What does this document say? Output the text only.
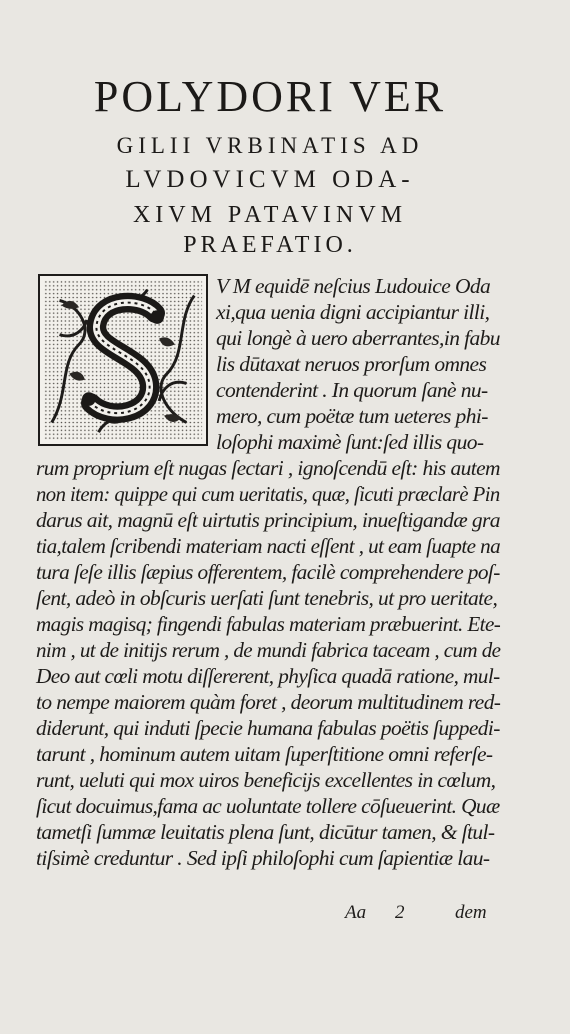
POLYDORI VER
GILII VRBINATIS AD
LVDOVICVM ODA-
XIVM PATAVINVM
PRAEFATIO.
V M equidē neſcius Ludouice Oda
xi,qua uenia digni accipiantur illi,
qui longè à uero aberrantes,in fabu
lis dūtaxat neruos prorſum omnes
contenderint . In quorum ſanè nu-
mero, cum poëtæ tum ueteres phi-
loſophi maximè ſunt:ſed illis quo-
rum proprium eſt nugas ſectari , ignoſcendū eſt: his autem
non item: quippe qui cum ueritatis, quæ, ſicuti præclarè Pin
darus ait, magnū eſt uirtutis principium, inueſtigandæ gra
tia,talem ſcribendi materiam nacti eſſent , ut eam ſuapte na
tura ſeſe illis ſæpius offerentem, facilè comprehendere poſ-
ſent, adeò in obſcuris uerſati ſunt tenebris, ut pro ueritate,
magis magisq; fingendi fabulas materiam præbuerint. Ete-
nim , ut de initijs rerum , de mundi fabrica taceam , cum de
Deo aut cœli motu diſſererent, phyſica quadā ratione, mul-
to nempe maiorem quàm foret , deorum multitudinem red-
diderunt, qui induti ſpecie humana fabulas poëtis ſuppedi-
tarunt , hominum autem uitam ſuperſtitione omni referſe-
runt, ueluti qui mox uiros beneficijs excellentes in cœlum,
ſicut docuimus,fama ac uoluntate tollere cōſueuerint. Quæ
tametſi ſummæ leuitatis plena ſunt, dicūtur tamen, & ſtul-
tiſsimè creduntur . Sed ipſi philoſophi cum ſapientiæ lau-
Aa 2	dem
